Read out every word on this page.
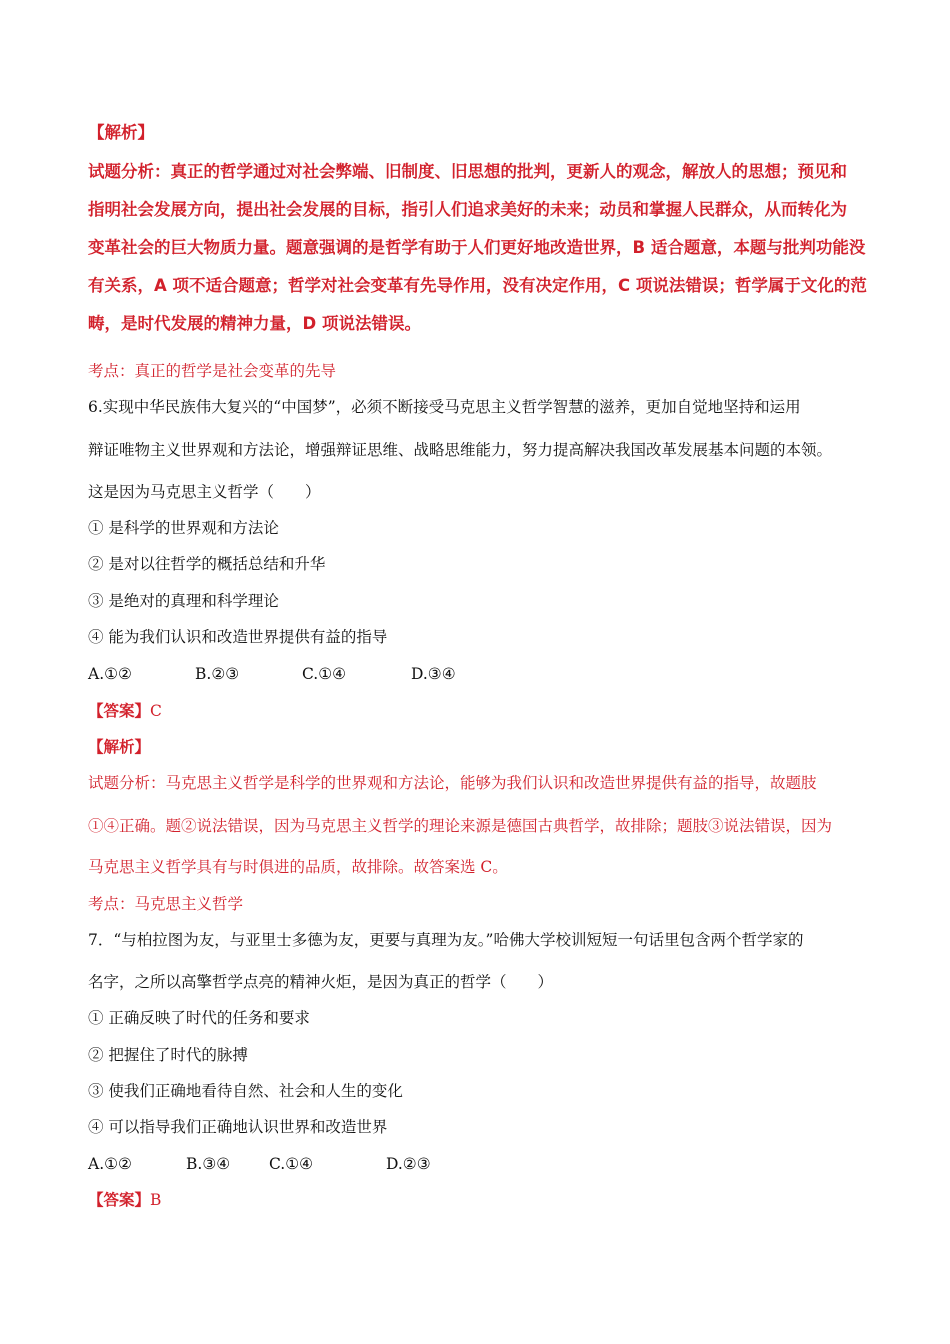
【解析】
试题分析：真正的哲学通过对社会弊端、旧制度、旧思想的批判，更新人的观念，解放人的思想；预见和
指明社会发展方向，提出社会发展的目标，指引人们追求美好的未来；动员和掌握人民群众，从而转化为
变革社会的巨大物质力量。题意强调的是哲学有助于人们更好地改造世界，B 适合题意，本题与批判功能没
有关系，A 项不适合题意；哲学对社会变革有先导作用，没有决定作用，C 项说法错误；哲学属于文化的范
畴，是时代发展的精神力量，D 项说法错误。
考点：真正的哲学是社会变革的先导
6.实现中华民族伟大复兴的“中国梦”，必须不断接受马克思主义哲学智慧的滋养，更加自觉地坚持和运用
辩证唯物主义世界观和方法论，增强辩证思维、战略思维能力，努力提高解决我国改革发展基本问题的本领。
这是因为马克思主义哲学（　　）
① 是科学的世界观和方法论
② 是对以往哲学的概括总结和升华
③ 是绝对的真理和科学理论
④ 能为我们认识和改造世界提供有益的指导
A.①②	B.②③	C.①④	D.③④
【答案】C
【解析】
试题分析：马克思主义哲学是科学的世界观和方法论，能够为我们认识和改造世界提供有益的指导，故题肢
①④正确。题②说法错误，因为马克思主义哲学的理论来源是德国古典哲学，故排除；题肢③说法错误，因为
马克思主义哲学具有与时俱进的品质，故排除。故答案选 C。
考点：马克思主义哲学
7．“与柏拉图为友，与亚里士多德为友，更要与真理为友。”哈佛大学校训短短一句话里包含两个哲学家的
名字，之所以高擎哲学点亮的精神火炬，是因为真正的哲学（　　）
① 正确反映了时代的任务和要求
② 把握住了时代的脉搏
③ 使我们正确地看待自然、社会和人生的变化
④ 可以指导我们正确地认识世界和改造世界
A.①②	B.③④	C.①④	D.②③
【答案】B
